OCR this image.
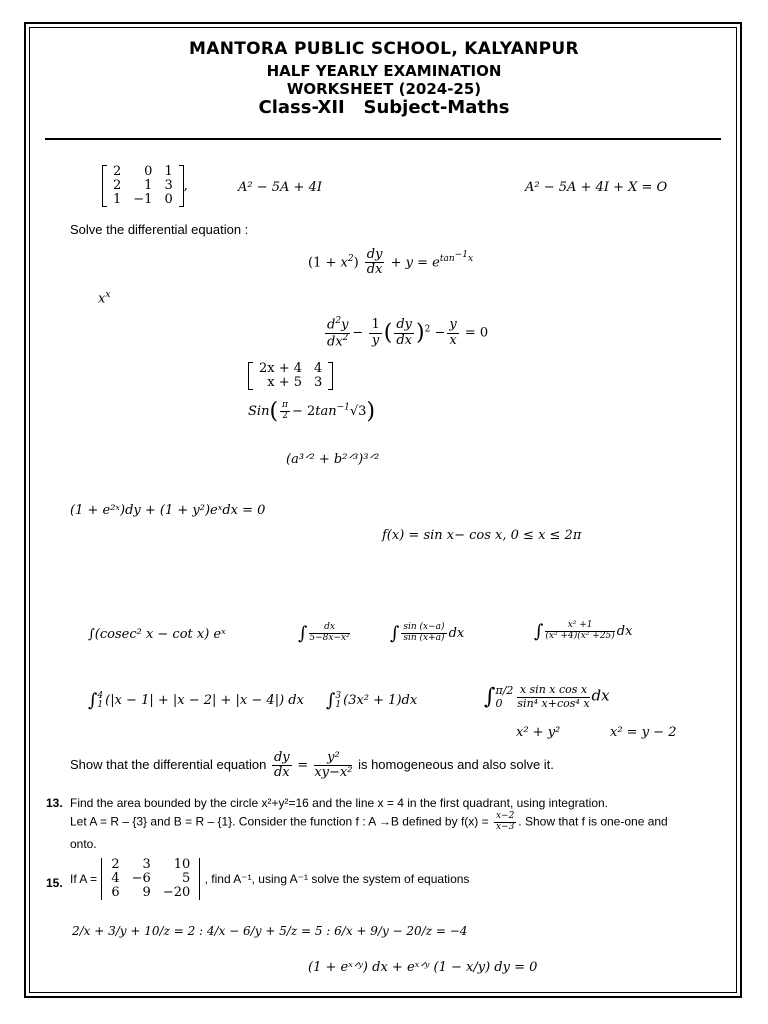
MANTORA PUBLIC SCHOOL, KALYANPUR
HALF YEARLY EXAMINATION
WORKSHEET (2024-25)
Class-XII   Subject-Maths
2	0	1
2	1	3
1	−1	0
,	A² − 5A + 4I	A² − 5A + 4I + X = O
Solve the differential equation :
$(1 + x^2) \frac{dy}{dx} + y = e^{tan^{-1}x}$
$x^x$
$\frac{d^2y}{dx^2} - \frac{1}{y}$ ( $\frac{dy}{dx} )^2 - \frac{y}{x} = 0$
2x + 4	4
x + 5	3
$Sin( \frac{\pi}{2} - 2\tan^{-1}√3)$
(a³ᐟ² + b²ᐟ³)³ᐟ²
(1 + e²ˣ)dy + (1 + y²)eˣdx = 0
f(x) = sin x− cos x, 0 ≤ x ≤ 2π
∫(cosec² x − cot x) eˣ	∫ $\frac{dx}{\text{5−8x−x²}}$ ∫ $\frac{\sin (x-a)}{\sin (x+a)}$ dx	∫ $\frac{\text{x² +1}}{\text{(x² +4)(x² +25)}}$ dx
∫ 4
1 (|x − 1| + |x − 2| + |x − 4|) dx ∫ 3
1 (3x² + 1)dx	∫ π/2
0	$\frac{\text{x sin x cos x}}{\text{sin⁴ x+cos⁴ x}}$ dx
x² + y²	x² = y − 2
Show that the differential equation $\frac{dy}{dx} = \frac{\text{y²}}{\text{xy−x²}}$ is homogeneous and also solve it.
13. Find the area bounded by the circle x²+y²=16 and the line x = 4 in the first quadrant, using integration.
Let A = R – {3} and B = R – {1}. Consider the function f : A →B defined by $f(x) = \frac{x-2}{x-3}$ . Show that f is one-one and
onto.
15. If A =
2	3	10
4	−6	5
6	9	−20
, find A⁻¹, using A⁻¹ solve the system of equations
2/x + 3/y + 10/z = 2 : 4/x − 6/y + 5/z = 5 : 6/x + 9/y − 20/z = −4
(1 + eˣᐟʸ) dx + eˣᐟʸ (1 − x/y) dy = 0
